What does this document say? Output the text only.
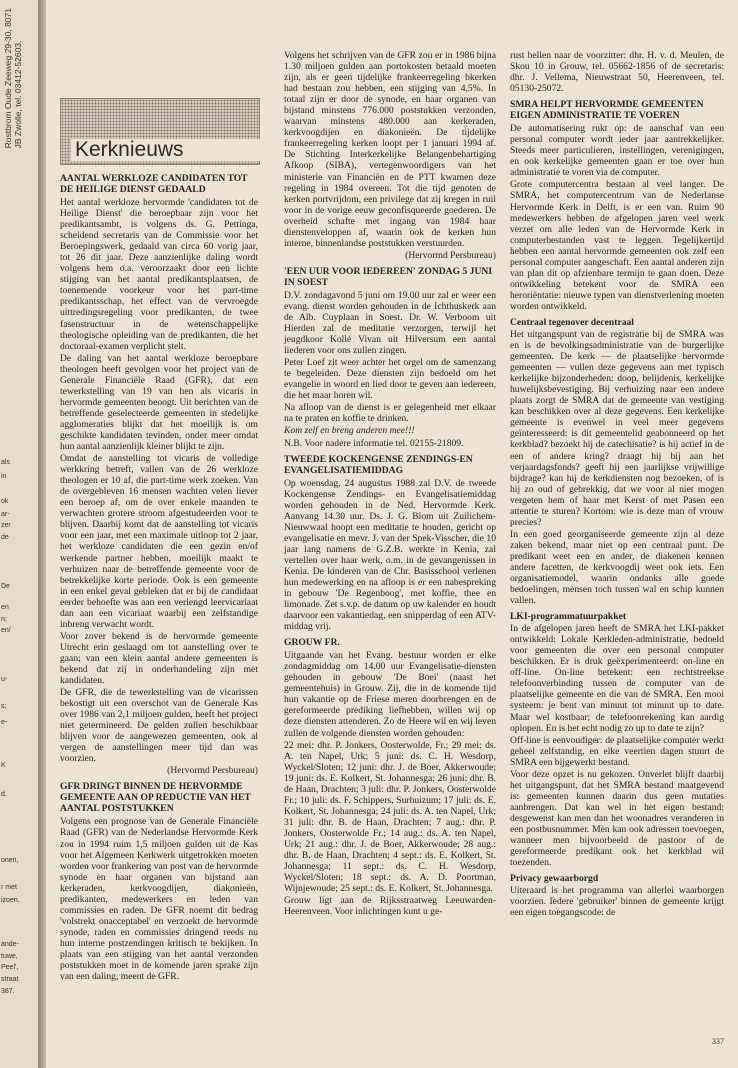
Rostbrom Oude Zeeweg 29-30, 8071
JB Zwolle, tel. 03412-52603.
als
in
ok
ar-
zer
de
De
en
n;
en/
u-
s;
e-
K
d.
onen,
r met
izoen.
ande-
tuwe,
Peel',
straat
387.
AANTAL WERKLOZE CANDIDATEN TOT DE HEILIGE DIENST GEDAALD

Het aantal werkloze hervormde 'candidaten tot de Heilige Dienst' die beroepbaar zijn voor het predikantsambt, is volgens ds. G. Pettinga, scheidend secretaris van de Commissie voor het Beroepingswerk, gedaald van circa 60 vorig jaar, tot 26 dit jaar. Deze aanzienlijke daling wordt volgens hem o.a. veroorzaakt door een lichte stijging van het aantal predikantsplaatsen, de toenemende voorkeur voor het part-time predikantsschap, het effect van de vervroegde uittredingsregeling voor predikanten, de twee fasenstructuur in de wetenschappelijke theologische opleiding van de predikanten, die het doctoraal-examen verplicht stelt.

De daling van het aantal werkloze beroepbare theologen heeft gevolgen voor het project van de Generale Financiële Raad (GFR), dat een tewerkstelling van 19 van hen als vicaris in hervormde gemeenten beoogt. Uit berichten van de betreffende geselecteerde gemeenten in stedelijke agglomeraties blijkt dat het moeilijk is om geschikte kandidaten tevinden, onder meer omdat hun aantal aanzienlijk kleiner blijkt te zijn.

Omdat de aanstelling tot vicaris de volledige werkkring betreft, vallen van de 26 werkloze theologen er 10 af, die part-time werk zoeken. Van de overgebleven 16 mensen wachten velen liever een beroep af, om de over enkele maanden te verwachten grotere stroom afgestudeerden voor te blijven. Daarbij komt dat de aanstelling tot vicaris voor een jaar, met een maximale uitloop tot 2 jaar, het werkloze candidaten die een gezin en/of werkende partner hebben, moeilijk maakt te verhuizen naar de betreffende gemeente voor de betrekkelijke korte periode. Ook is een gemeente in een enkel geval gebleken dat er bij de candidaat eerder behoefte was aan een verlengd leervicariaat dan aan een vicariaat waarbij een zelfstandige inbreng verwacht wordt.

Voor zover bekend is de hervormde gemeente Utrecht erin geslaagd om tot aanstelling over te gaan; van een klein aantal andere gemeenten is bekend dat zij in onderhandeling zijn met kandidaten.

De GFR, die de tewerkstelling van de vicarissen bekostigt uit een overschot van de Generale Kas over 1986 van 2,1 miljoen gulden, heeft het project niet getermineerd. De gelden zullen beschikbaar blijven voor de aangewezen gemeenten, ook al vergen de aanstellingen meer tijd dan was voorzien.

(Hervormd Persbureau)

GFR DRINGT BINNEN DE HERVORMDE GEMEENTE AAN OP REDUCTIE VAN HET AANTAL POSTSTUKKEN

Volgens een prognose van de Generale Financiële Raad (GFR) van de Nederlandse Hervormde Kerk zou in 1994 ruim 1,5 miljoen gulden uit de Kas voor het Algemeen Kerkwerk uitgetrokken moeten worden voor frankering van post van de hervormde synode en haar organen van bijstand aan kerkeraden, kerkvoogdijen, diakonieën, predikanten, medewerkers en leden van commissies en raden. De GFR noemt dit bedrag 'volstrekt onacceptabel' en verzoekt de hervormde synode, raden en commissies dringend reeds nu hun interne postzendingen kritisch te bekijken. In plaats van een stijging van het aantal verzonden poststukken moet in de komende jaren sprake zijn van een daling, meent de GFR.

Volgens het schrijven van de GFR zou er in 1986 bijna 1.30 miljoen gulden aan portokosten betaald moeten zijn, als er geen tijdelijke frankeerregeling bkerken had bestaan zou hebben, een stijging van 4,5%. In totaal zijn er door de synode, en haar organen van bijstand minstens 776.000 poststukken verzonden, waarvan minstens 480.000 aan kerkeraden, kerkvoogdijen en diakonieën. De tijdelijke frankeerregeling kerken loopt per 1 januari 1994 af. De Stichting Interkerkelijke Belangenbehartiging Afkoop (SIBA), vertegenwoordigers van het ministerie van Financiën en de PTT kwamen deze regeling in 1984 overeen. Tot die tijd genoten de kerken portvrijdom, een privilege dat zij kregen in ruil voor in de vorige eeuw geconfisqueerde goederen. De overheid schafte met ingang van 1984 haar dienstenveloppen af, waarin ook de kerken hun interne, binnenlandse poststukken verstuurden.

(Hervormd Persbureau)

'EEN UUR VOOR IEDEREEN' ZONDAG 5 JUNI IN SOEST

D.V. zondagavond 5 juni om 19.00 uur zal er weer een evang. dienst worden gehouden in de Ichthuskerk aan de Alb. Cuyplaan in Soest. Dr. W. Verboom uit Hierden zal de meditatie verzorgen, terwijl het jeugdkoor Kollé Vivan uit Hilversum een aantal liederen voor ons zullen zingen.

Peter Loef zit weer achter het orgel om de samenzang te begeleiden. Deze diensten zijn bedoeld om het evangelie in woord en lied door te geven aan iedereen, die het maar horen wil.

Na afloop van de dienst is er gelegenheid met elkaar na te praten en koffie te drinken.

Kom zelf en breng anderen mee!!!

N.B. Voor nadere informatie tel. 02155-21809.

TWEEDE KOCKENGENSE ZENDINGS-EN EVANGELISATIEMIDDAG

Op woensdag, 24 augustus 1988 zal D.V. de tweede Kockengense Zendings- en Evangelisatiemiddag worden gehouden in de Ned. Hervormde Kerk. Aanvang 14.30 uur. Ds. J. G. Blom uit Zuilichem-Nieuwwaal hoopt een meditatie te houden, gericht op evangelisatie en mevr. J. van der Spek-Visscher, die 10 jaar lang namens de G.Z.B. werkte in Kenia, zal vertellen over haar werk, o.m. in de gevangenissen in Kenia. De kinderen van de Chr. Basisschool verlenen hun medewerking en na afloop is er een nabespreking in gebouw 'De Regenboog', met koffie, thee en limonade. Zet s.v.p. de datum op uw kalender en houdt daarvoor een vakantiedag, een snipperdag of een ATV-middag vrij.

GROUW FR.

Uitgaande van het Evang. bestuur worden er elke zondagmiddag om 14.00 uur Evangelisatie-diensten gehouden in gebouw 'De Boei' (naast het gemeentehuis) in Grouw. Zij, die in de komende tijd hun vakantie op de Friese meren doorbrengen en de gereformeerde prediking liefhebben, willen wij op deze diensten attenderen. Zo de Heere wil en wij leven zullen de volgende diensten worden gehouden:

22 mei: dhr. P. Jonkers, Oosterwolde, Fr.; 29 mei: ds. A. ten Napel, Urk; 5 juni: ds. C. H. Wesdorp, Wyckel/Sloten; 12 juni: dhr. J. de Boer, Akkerwoude; 19 juni: ds. E. Kolkert, St. Johannesga; 26 juni: dhr. B. de Haan, Drachten; 3 juli: dhr. P. Jonkers, Oosterwolde Fr.; 10 juli: ds. F. Schippers, Surhuizum; 17 juli: ds. E. Kolkert, St. Johannesga; 24 juli: ds. A. ten Napel, Urk; 31 juli: dhr. B. de Haan, Drachten; 7 aug.: dhr. P. Jonkers, Oosterwolde Fr.; 14 aug.: ds. A. ten Napel, Urk; 21 aug.: dhr. J. de Boer, Akkerwoude; 28 aug.: dhr. B. de Haan, Drachten; 4 sept.: ds. E. Kolkert, St. Johannesga; 11 sept.: ds. C. H. Wesdorp, Wyckel/Sloten; 18 sept.: ds. A. D. Poortman, Wijnjewoude; 25 sept.: ds. E. Kolkert, St. Johannesga.

Grouw ligt aan de Rijksstraatweg Leeuwarden-Heerenveen. Voor inlichtingen kunt u ge-

rust bellen naar de voorzitter: dhr. H. v. d. Meulen, de Skou 10 in Grouw, tel. 05662-1856 of de secretaris: dhr. J. Vellema, Nieuwstraat 50, Heerenveen, tel. 05130-25072.

SMRA HELPT HERVORMDE GEMEENTEN EIGEN ADMINISTRATIE TE VOEREN

De automatisering rukt op: de aanschaf van een personal computer wordt ieder jaar aantrekkelijker. Steeds meer particulieren, instellingen, verenigingen, en ook kerkelijke gemeenten gaan er toe over hun administratie te voren via de computer.

Grote computercentra bestaan al veel langer. De SMRA, het computercentrum van de Nederlanse Hervormde Kerk in Delft, is er een van. Ruim 90 medewerkers hebben de afgelopen jaren veel werk verzet om alle leden van de Hervormde Kerk in computerbestanden vast te leggen. Tegelijkertijd hebben een aantal hervormde gemeenten ook zelf een personal computer aangeschaft. Een aantal anderen zijn van plan dit op afzienbare termijn te gaan doen. Deze ontwikkeling betekent voor de SMRA een heroriëntatie: nieuwe typen van dienstverlening moeten worden ontwikkeld.

Centraal tegenover decentraal

Het uitgangspunt van de registratie bij de SMRA was en is de bevolkingsadministratie van de burgerlijke gemeenten. De kerk — de plaatselijke hervormde gemeenten — vullen deze gegevens aan met typisch kerkelijke bijzonderheden: doop, belijdenis, kerkelijke huwelijksbevestiging. Bij verhuizing naar een andere plaats zorgt de SMRA dat de gemeente van vestiging kan beschikken over al deze gegevens. Een kerkelijke gemeente is evenwel in veel meer gegevens geïnteresseerd: is dit gemeentelid geabonneerd op het kerkblad? bezoekt hij de catechisatie? is hij actief in de een of andere kring? draagt hij bij aan het verjaardagsfonds? geeft hij een jaarlijkse vrijwillige bijdrage? kan hij de kerkdiensten nog bezoeken, of is hij zo oud of gebrekkig, dat we voor al niet mogen vergeten hem of haar met Kerst of met Pasen een attentie te sturen? Kortom: wie is deze man of vrouw precies?

In een goed georganiseerde gemeente zijn al deze zaken bekend, maar niet op een centraal punt. De predikant weet een en ander, de diakenen kennen andere facetten, de kerkvoogdij weet ook iets. Een organisatiemodel, waarin ondanks alle goede bedoelingen, mensen toch tussen wal en schip kunnen vallen.

LKI-programmatuurpakket

In de afgelopen jaren heeft de SMRA het LKI-pakket ontwikkeld: Lokale Kerkleden-administratie, bedoeld voor gemeenten die over een personal computer beschikken. Er is druk geëxperimenteerd: on-line en off-line. On-line betekent: een rechtstreekse telefoonverbinding tussen de computer van de plaatselijke gemeente en die van de SMRA. Een mooi systeem: je bent van minuut tot minuut up to date. Maar wel kostbaar; de telefoonrekening kan aardig oplopen. En is het echt nodig zo up to date te zijn?

Off-line is eenvoudiger: de plaatselijke computer werkt geheel zelfstandig, en elke veertien dagen stuurt de SMRA een bijgewerkt bestand.

Voor deze opzet is nu gekozen. Onverlet blijft daarbij het uitgangspunt, dat het SMRA bestand maatgevend is: gemeenten kunnen daarin dus geen mutaties aanbrengen. Dat kan wel in het eigen bestand: desgewenst kan men dan het woonadres veranderen in een postbusnummer. Men kan ook adressen toevoegen, wanneer men bijvoorbeeld de pastoor of de gereformeerde predikant ook het kerkblad wil toezenden.

Privacy gewaarborgd

Uiteraard is het programma van allerlei waarborgen voorzien. Iedere 'gebruiker' binnen de gemeente krijgt een eigen toegangscode: de

Kerknieuws
337
